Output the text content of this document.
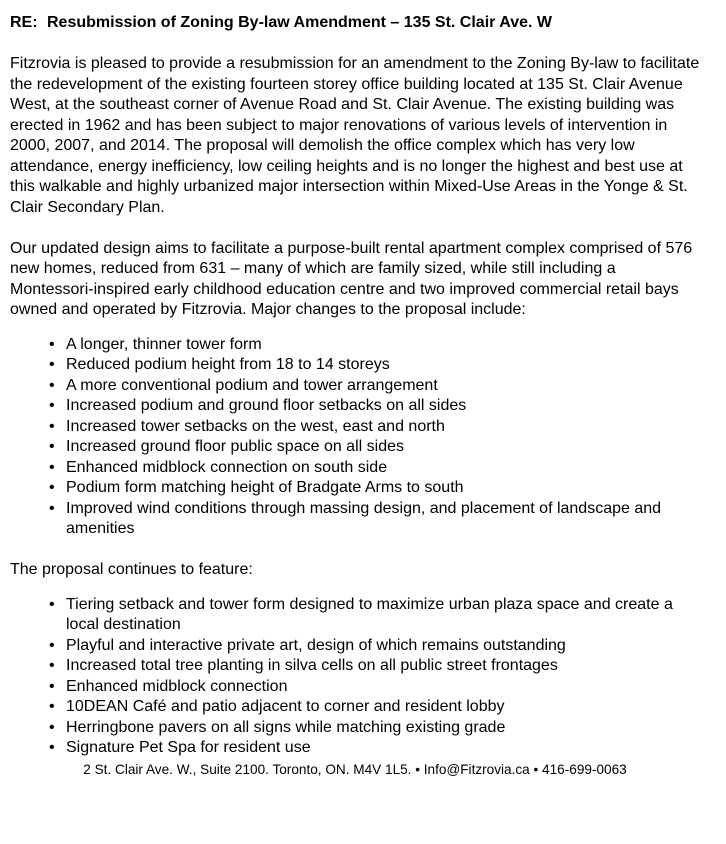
RE: Resubmission of Zoning By-law Amendment – 135 St. Clair Ave. W

Fitzrovia is pleased to provide a resubmission for an amendment to the Zoning By-law to facilitate the redevelopment of the existing fourteen storey office building located at 135 St. Clair Avenue West, at the southeast corner of Avenue Road and St. Clair Avenue. The existing building was erected in 1962 and has been subject to major renovations of various levels of intervention in 2000, 2007, and 2014. The proposal will demolish the office complex which has very low attendance, energy inefficiency, low ceiling heights and is no longer the highest and best use at this walkable and highly urbanized major intersection within Mixed-Use Areas in the Yonge & St. Clair Secondary Plan.

Our updated design aims to facilitate a purpose-built rental apartment complex comprised of 576 new homes, reduced from 631 – many of which are family sized, while still including a Montessori-inspired early childhood education centre and two improved commercial retail bays owned and operated by Fitzrovia. Major changes to the proposal include:

• A longer, thinner tower form
• Reduced podium height from 18 to 14 storeys
• A more conventional podium and tower arrangement
• Increased podium and ground floor setbacks on all sides
• Increased tower setbacks on the west, east and north
• Increased ground floor public space on all sides
• Enhanced midblock connection on south side
• Podium form matching height of Bradgate Arms to south
• Improved wind conditions through massing design, and placement of landscape and amenities

The proposal continues to feature:

• Tiering setback and tower form designed to maximize urban plaza space and create a local destination
• Playful and interactive private art, design of which remains outstanding
• Increased total tree planting in silva cells on all public street frontages
• Enhanced midblock connection
• 10DEAN Café and patio adjacent to corner and resident lobby
• Herringbone pavers on all signs while matching existing grade
• Signature Pet Spa for resident use
2 St. Clair Ave. W., Suite 2100. Toronto, ON. M4V 1L5. • Info@Fitzrovia.ca • 416-699-0063
